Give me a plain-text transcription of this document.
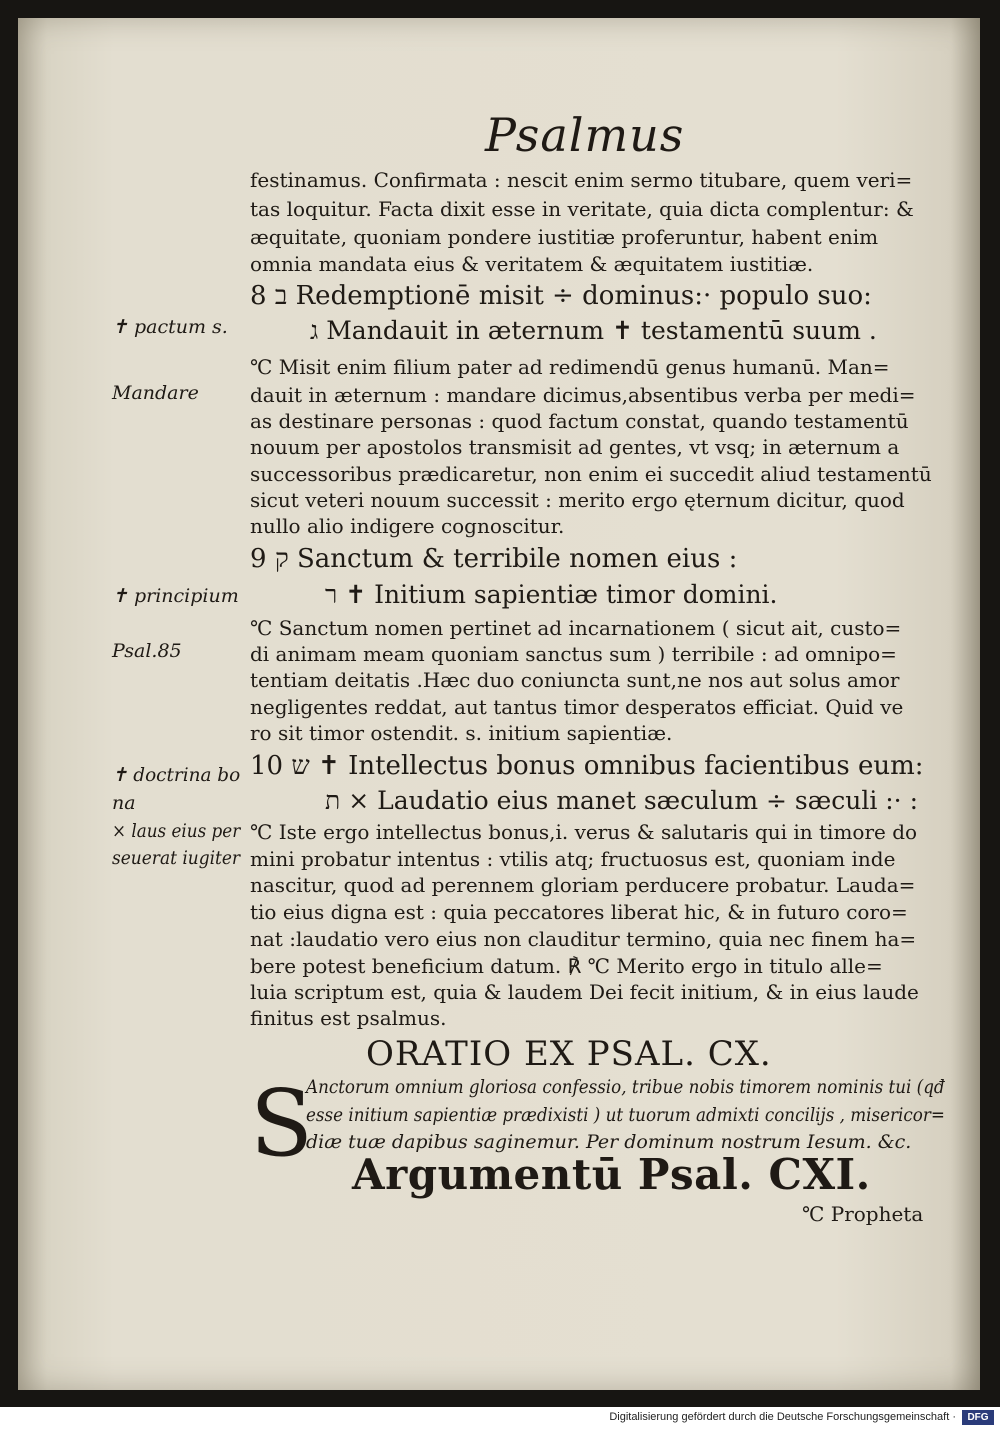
Psalmus
festinamus. Confirmata : nescit enim sermo titubare, quem veri=
tas loquitur. Facta dixit esse in veritate, quia dicta complentur: &
æquitate, quoniam pondere iustitiæ proferuntur, habent enim
omnia mandata eius & veritatem & æquitatem iustitiæ.
8 ב Redemptionē misit ÷ dominus:· populo suo:
ג Mandauit in æternum ✝ testamentū suum .
℃ Misit enim filium pater ad redimendū genus humanū. Man=
dauit in æternum : mandare dicimus,absentibus verba per medi=
as destinare personas : quod factum constat, quando testamentū
nouum per apostolos transmisit ad gentes, vt vsq; in æternum a
successoribus prædicaretur, non enim ei succedit aliud testamentū
sicut veteri nouum successit : merito ergo ęternum dicitur, quod
nullo alio indigere cognoscitur.
9 ק Sanctum & terribile nomen eius :
ר ✝ Initium sapientiæ timor domini.
℃ Sanctum nomen pertinet ad incarnationem ( sicut ait, custo=
di animam meam quoniam sanctus sum ) terribile : ad omnipo=
tentiam deitatis .Hæc duo coniuncta sunt,ne nos aut solus amor
negligentes reddat, aut tantus timor desperatos efficiat. Quid ve
ro sit timor ostendit. s. initium sapientiæ.
10 ש ✝ Intellectus bonus omnibus facientibus eum:
ת × Laudatio eius manet sæculum ÷ sæculi :· :
℃ Iste ergo intellectus bonus,i. verus & salutaris qui in timore do
mini probatur intentus : vtilis atq; fructuosus est, quoniam inde
nascitur, quod ad perennem gloriam perducere probatur. Lauda=
tio eius digna est : quia peccatores liberat hic, & in futuro coro=
nat :laudatio vero eius non clauditur termino, quia nec finem ha=
bere potest beneficium datum. ℟ ℃ Merito ergo in titulo alle=
luia scriptum est, quia & laudem Dei fecit initium, & in eius laude
finitus est psalmus.
✝ pactum s.
Mandare
✝ principium
Psal.85
✝ doctrina bo
na
× laus eius per
seuerat iugiter
ORATIO EX PSAL. CX.
S
Anctorum omnium gloriosa confessio, tribue nobis timorem nominis tui (qđ
esse initium sapientiæ prædixisti ) ut tuorum admixti concilijs , misericor=
diæ tuæ dapibus saginemur. Per dominum nostrum Iesum. &c.
Argumentū Psal. CXI.
℃ Propheta
Digitalisierung gefördert durch die Deutsche Forschungsgemeinschaft ·	DFG
